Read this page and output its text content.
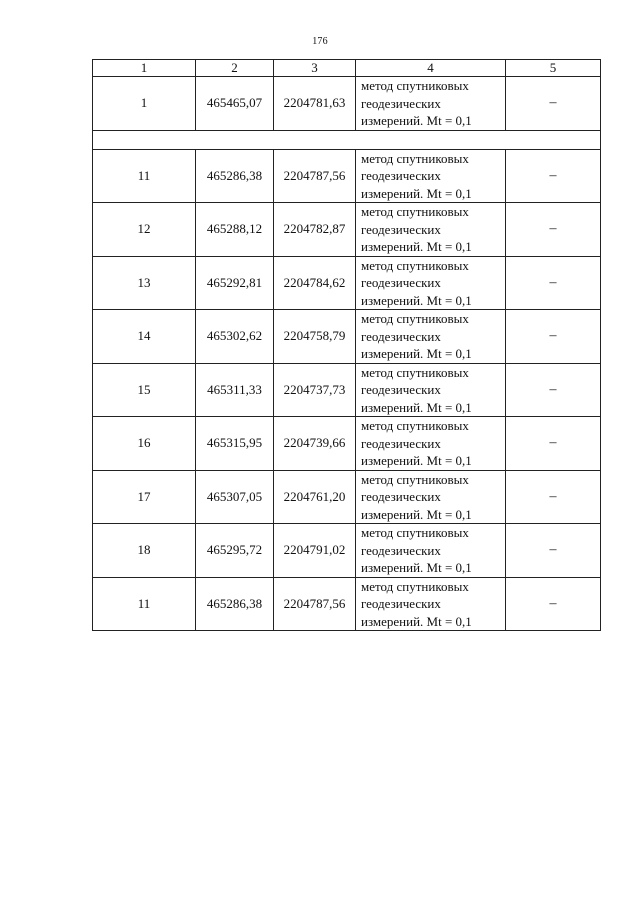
176
1	2	3	4	5
1	465465,07	2204781,63	метод спутниковых
геодезических
измерений. Mt = 0,1	–

11	465286,38	2204787,56	метод спутниковых
геодезических
измерений. Mt = 0,1	–
12	465288,12	2204782,87	метод спутниковых
геодезических
измерений. Mt = 0,1	–
13	465292,81	2204784,62	метод спутниковых
геодезических
измерений. Mt = 0,1	–
14	465302,62	2204758,79	метод спутниковых
геодезических
измерений. Mt = 0,1	–
15	465311,33	2204737,73	метод спутниковых
геодезических
измерений. Mt = 0,1	–
16	465315,95	2204739,66	метод спутниковых
геодезических
измерений. Mt = 0,1	–
17	465307,05	2204761,20	метод спутниковых
геодезических
измерений. Mt = 0,1	–
18	465295,72	2204791,02	метод спутниковых
геодезических
измерений. Mt = 0,1	–
11	465286,38	2204787,56	метод спутниковых
геодезических
измерений. Mt = 0,1	–
